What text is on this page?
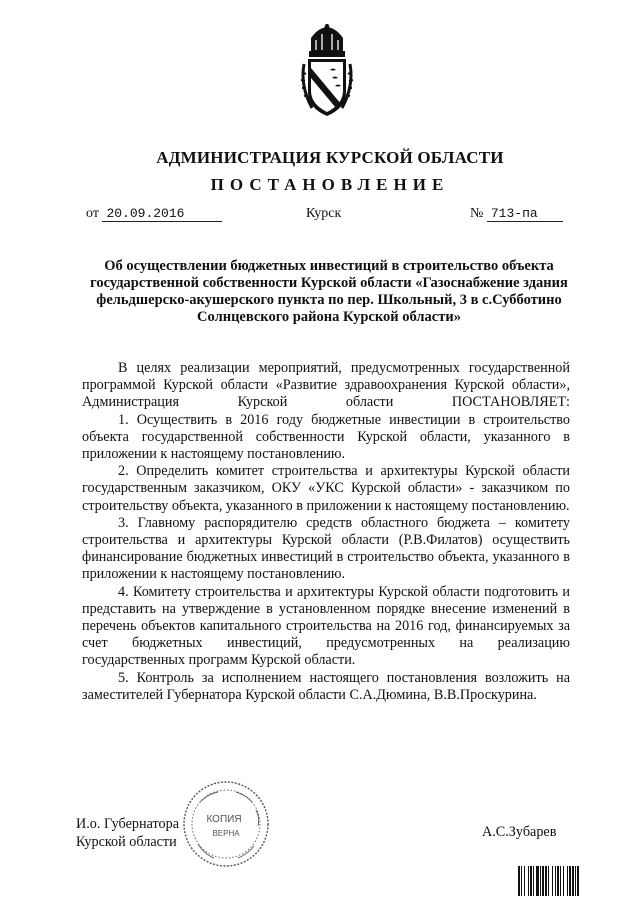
АДМИНИСТРАЦИЯ КУРСКОЙ ОБЛАСТИ
ПОСТАНОВЛЕНИЕ
от 20.09.2016	Курск	№ 713-па
Об осуществлении бюджетных инвестиций в строительство объекта государственной собственности Курской области «Газоснабжение здания фельдшерско-акушерского пункта по пер. Школьный, 3 в с.Субботино Солнцевского района Курской области»

В целях реализации мероприятий, предусмотренных государственной программой Курской области «Развитие здравоохранения Курской области», Администрация Курской области ПОСТАНОВЛЯЕТ:

1. Осуществить в 2016 году бюджетные инвестиции в строительство объекта государственной собственности Курской области, указанного в приложении к настоящему постановлению.

2. Определить комитет строительства и архитектуры Курской области государственным заказчиком, ОКУ «УКС Курской области» - заказчиком по строительству объекта, указанного в приложении к настоящему постановлению.

3. Главному распорядителю средств областного бюджета – комитету строительства и архитектуры Курской области (Р.В.Филатов) осуществить финансирование бюджетных инвестиций в строительство объекта, указанного в приложении к настоящему постановлению.

4. Комитету строительства и архитектуры Курской области подготовить и представить на утверждение в установленном порядке внесение изменений в перечень объектов капитального строительства на 2016 год, финансируемых за счет бюджетных инвестиций, предусмотренных на реализацию государственных программ Курской области.

5. Контроль за исполнением настоящего постановления возложить на заместителей Губернатора Курской области С.А.Дюмина, В.В.Проскурина.

И.о. Губернатора
Курской области
КОПИЯ
ВЕРНА	А.С.Зубарев
